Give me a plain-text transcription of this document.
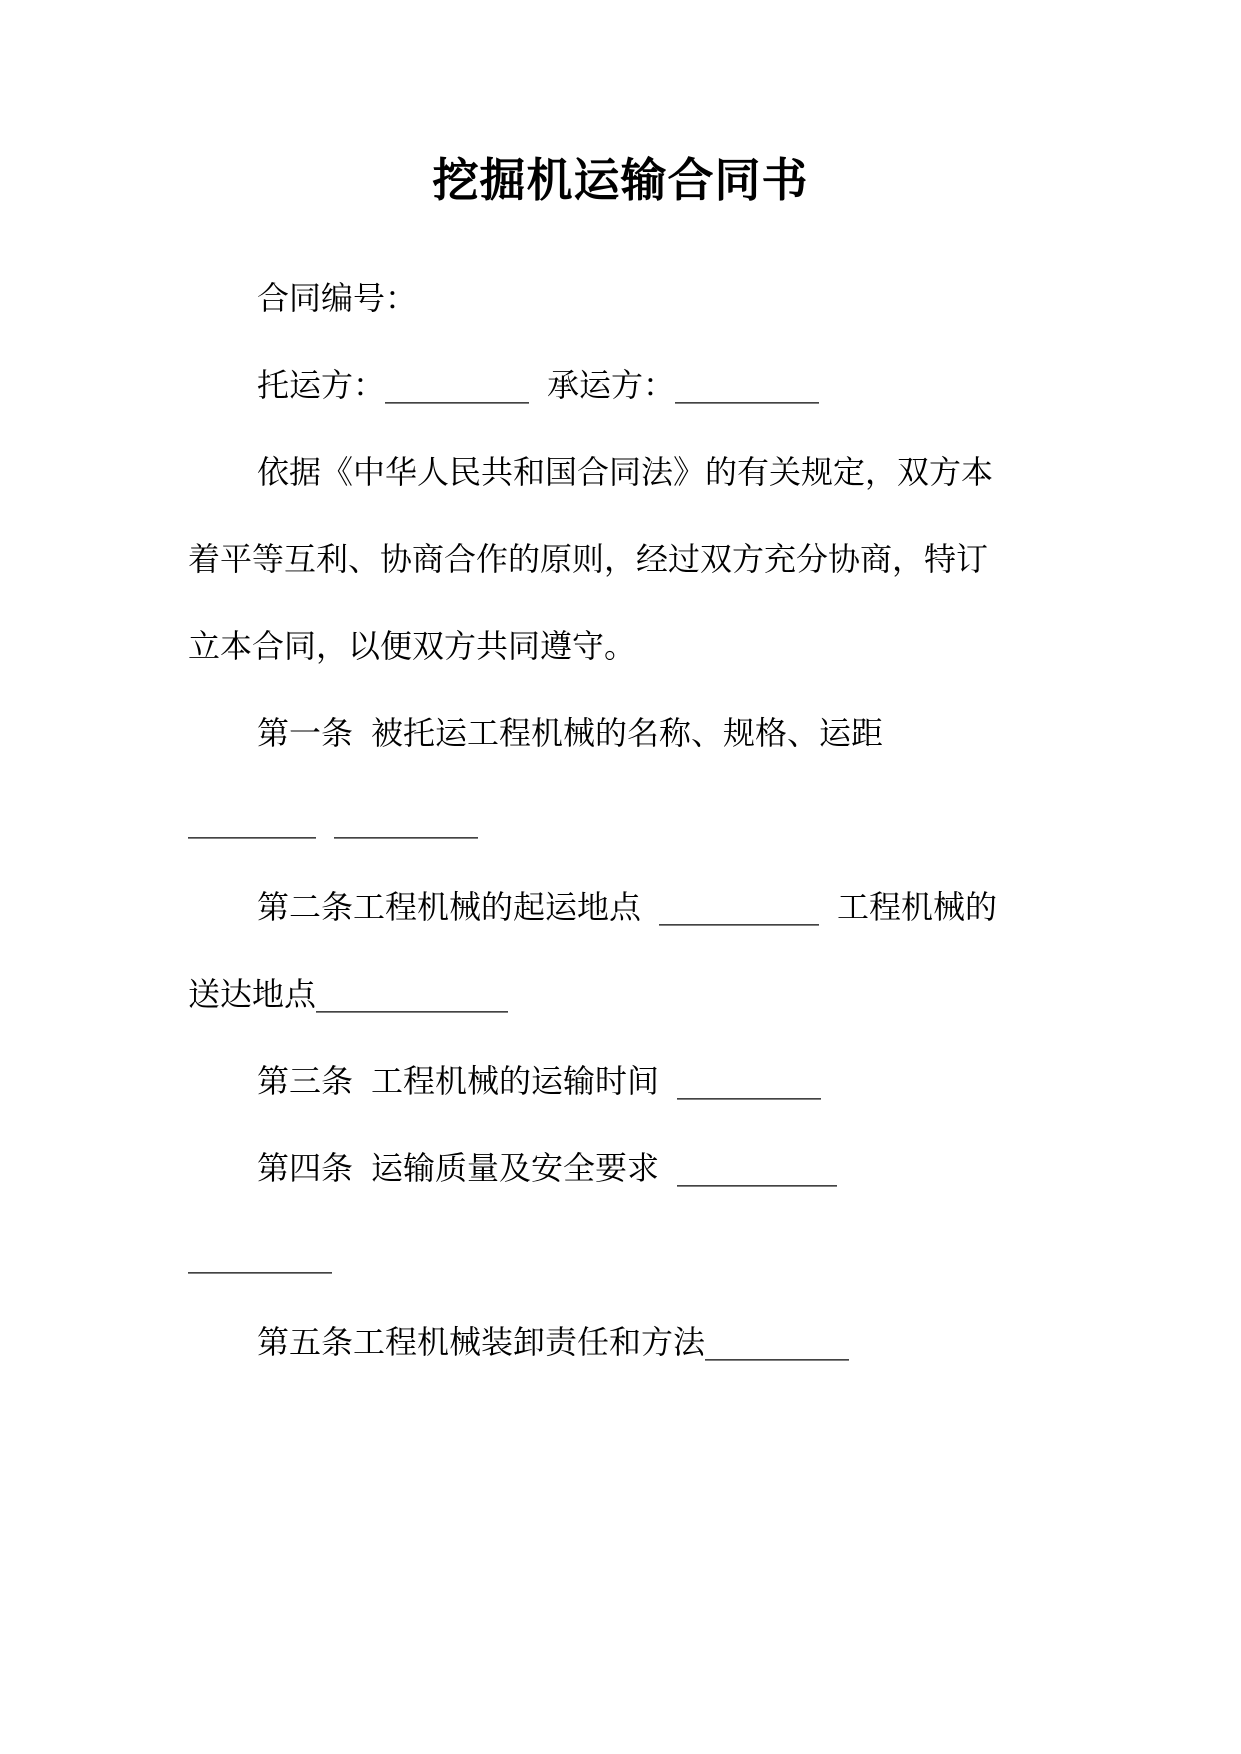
挖掘机运输合同书
合同编号：
托运方：_________ 承运方：_________
依据《中华人民共和国合同法》的有关规定，双方本
着平等互利、协商合作的原则，经过双方充分协商，特订
立本合同，以便双方共同遵守。
第一条 被托运工程机械的名称、规格、运距
________ _________
第二条工程机械的起运地点 __________ 工程机械的
送达地点____________
第三条 工程机械的运输时间 _________
第四条 运输质量及安全要求 __________
_________
第五条工程机械装卸责任和方法_________
